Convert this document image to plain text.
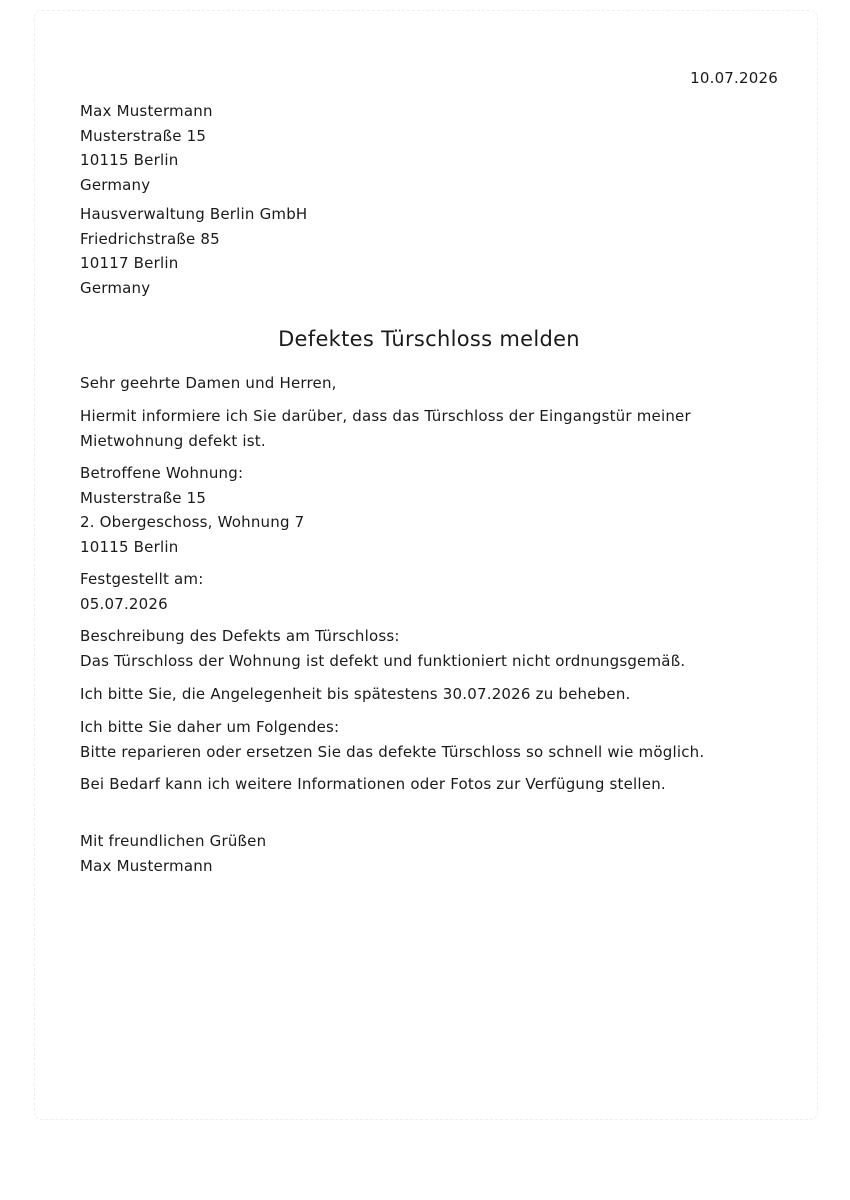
10.07.2026
Max Mustermann
Musterstraße 15
10115 Berlin
Germany
Hausverwaltung Berlin GmbH
Friedrichstraße 85
10117 Berlin
Germany
Defektes Türschloss melden
Sehr geehrte Damen und Herren,
Hiermit informiere ich Sie darüber, dass das Türschloss der Eingangstür meiner Mietwohnung defekt ist.
Betroffene Wohnung:
Musterstraße 15
2. Obergeschoss, Wohnung 7
10115 Berlin
Festgestellt am:
05.07.2026
Beschreibung des Defekts am Türschloss:
Das Türschloss der Wohnung ist defekt und funktioniert nicht ordnungsgemäß.
Ich bitte Sie, die Angelegenheit bis spätestens 30.07.2026 zu beheben.
Ich bitte Sie daher um Folgendes:
Bitte reparieren oder ersetzen Sie das defekte Türschloss so schnell wie möglich.
Bei Bedarf kann ich weitere Informationen oder Fotos zur Verfügung stellen.
Mit freundlichen Grüßen
Max Mustermann
